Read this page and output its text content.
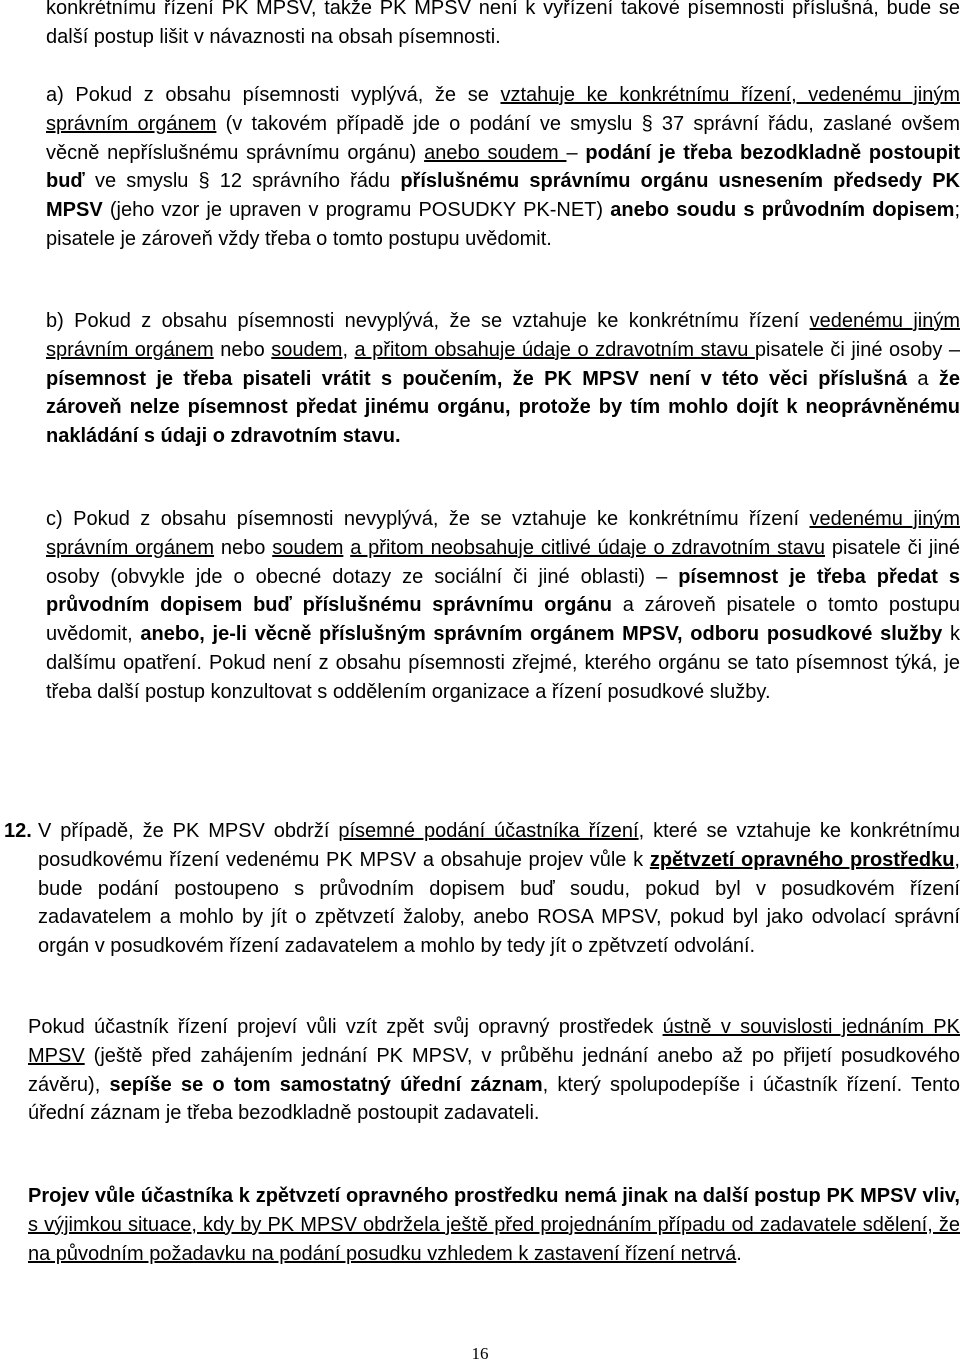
konkrétnímu řízení PK MPSV, takže PK MPSV není k vyřízení takové písemnosti příslušná, bude se další postup lišit v návaznosti na obsah písemnosti.

a) Pokud z obsahu písemnosti vyplývá, že se vztahuje ke konkrétnímu řízení, vedenému jiným správním orgánem (v takovém případě jde o podání ve smyslu § 37 správní řádu, zaslané ovšem věcně nepříslušnému správnímu orgánu) anebo soudem – podání je třeba bezodkladně postoupit buď ve smyslu § 12 správního řádu příslušnému správnímu orgánu usnesením předsedy PK MPSV (jeho vzor je upraven v programu POSUDKY PK-NET) anebo soudu s průvodním dopisem; pisatele je zároveň vždy třeba o tomto postupu uvědomit.

b) Pokud z obsahu písemnosti nevyplývá, že se vztahuje ke konkrétnímu řízení vedenému jiným správním orgánem nebo soudem, a přitom obsahuje údaje o zdravotním stavu pisatele či jiné osoby – písemnost je třeba pisateli vrátit s poučením, že PK MPSV není v této věci příslušná a že zároveň nelze písemnost předat jinému orgánu, protože by tím mohlo dojít k neoprávněnému nakládání s údaji o zdravotním stavu.

c) Pokud z obsahu písemnosti nevyplývá, že se vztahuje ke konkrétnímu řízení vedenému jiným správním orgánem nebo soudem a přitom neobsahuje citlivé údaje o zdravotním stavu pisatele či jiné osoby (obvykle jde o obecné dotazy ze sociální či jiné oblasti) – písemnost je třeba předat s průvodním dopisem buď příslušnému správnímu orgánu a zároveň pisatele o tomto postupu uvědomit, anebo, je-li věcně příslušným správním orgánem MPSV, odboru posudkové služby k dalšímu opatření. Pokud není z obsahu písemnosti zřejmé, kterého orgánu se tato písemnost týká, je třeba další postup konzultovat s oddělením organizace a řízení posudkové služby.

12. V případě, že PK MPSV obdrží písemné podání účastníka řízení, které se vztahuje ke konkrétnímu posudkovému řízení vedenému PK MPSV a obsahuje projev vůle k zpětvzetí opravného prostředku, bude podání postoupeno s průvodním dopisem buď soudu, pokud byl v posudkovém řízení zadavatelem a mohlo by jít o zpětvzetí žaloby, anebo ROSA MPSV, pokud byl jako odvolací správní orgán v posudkovém řízení zadavatelem a mohlo by tedy jít o zpětvzetí odvolání.

Pokud účastník řízení projeví vůli vzít zpět svůj opravný prostředek ústně v souvislosti jednáním PK MPSV (ještě před zahájením jednání PK MPSV, v průběhu jednání anebo až po přijetí posudkového závěru), sepíše se o tom samostatný úřední záznam, který spolupodepíše i účastník řízení. Tento úřední záznam je třeba bezodkladně postoupit zadavateli.

Projev vůle účastníka k zpětvzetí opravného prostředku nemá jinak na další postup PK MPSV vliv, s výjimkou situace, kdy by PK MPSV obdržela ještě před projednáním případu od zadavatele sdělení, že na původním požadavku na podání posudku vzhledem k zastavení řízení netrvá.

16
